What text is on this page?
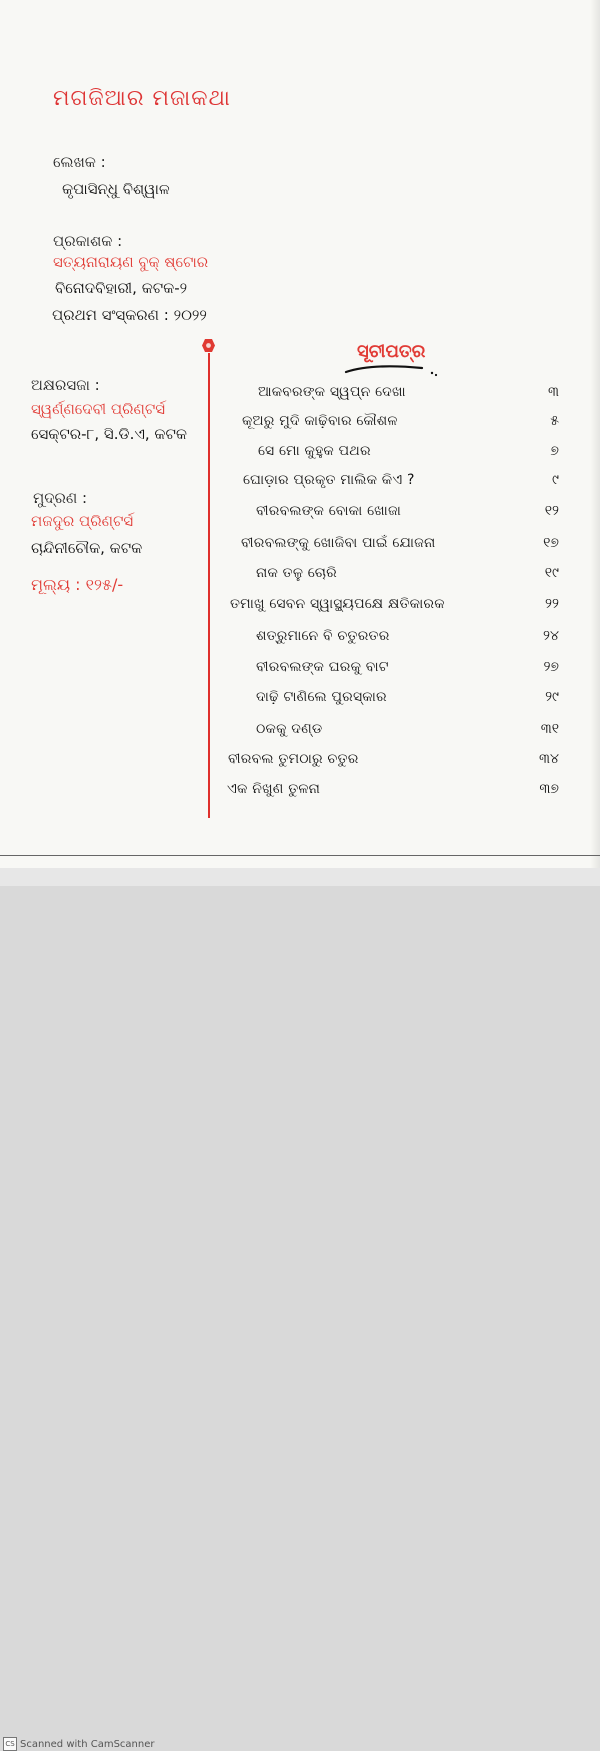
ମଗଜିଆର ମଜାକଥା
ଲେଖକ :
କୃପାସିନ୍ଧୁ ବିଶ୍ୱାଳ
ପ୍ରକାଶକ :
ସତ୍ୟନାରାୟଣ ବୁକ୍ ଷ୍ଟୋର
ବିନୋଦବିହାରୀ, କଟକ-୨
ପ୍ରଥମ ସଂସ୍କରଣ : ୨୦୨୨
ଅକ୍ଷରସଜା :
ସ୍ୱର୍ଣ୍ଣଦେବୀ ପ୍ରିଣ୍ଟର୍ସ
ସେକ୍ଟର-୮, ସି.ଡି.ଏ, କଟକ
ମୁଦ୍ରଣ :
ମଜଦୁର ପ୍ରିଣ୍ଟର୍ସ
ଚାନ୍ଦିନୀଚୌକ, କଟକ
ମୂଲ୍ୟ : ୧୨୫/-
ସୂଚୀପତ୍ର
ଆକବରଙ୍କ ସ୍ୱପ୍ନ ଦେଖା	୩
କୂଅରୁ ମୁଦି କାଢ଼ିବାର କୌଶଳ	୫
ସେ ମୋ କୁହୁକ ପଥର	୭
ଘୋଡ଼ାର ପ୍ରକୃତ ମାଲିକ କିଏ ?	୯
ବୀରବଲଙ୍କ ବୋକା ଖୋଜା	୧୨
ବୀରବଲଙ୍କୁ ଖୋଜିବା ପାଇଁ ଯୋଜନା	୧୭
ନାକ ତଳୁ ଚୋରି	୧୯
ତମାଖୁ ସେବନ ସ୍ୱାସ୍ଥ୍ୟପକ୍ଷେ କ୍ଷତିକାରକ	୨୨
ଶତ୍ରୁମାନେ ବି ଚତୁରତର	୨୪
ବୀରବଲଙ୍କ ଘରକୁ ବାଟ	୨୭
ଦାଢ଼ି ଟାଣିଲେ ପୁରସ୍କାର	୨୯
ଠକକୁ ଦଣ୍ଡ	୩୧
ବୀରବଲ ତୁମଠାରୁ ଚତୁର	୩୪
ଏକ ନିଖୁଣ ତୁଳନା	୩୭
CS Scanned with CamScanner
